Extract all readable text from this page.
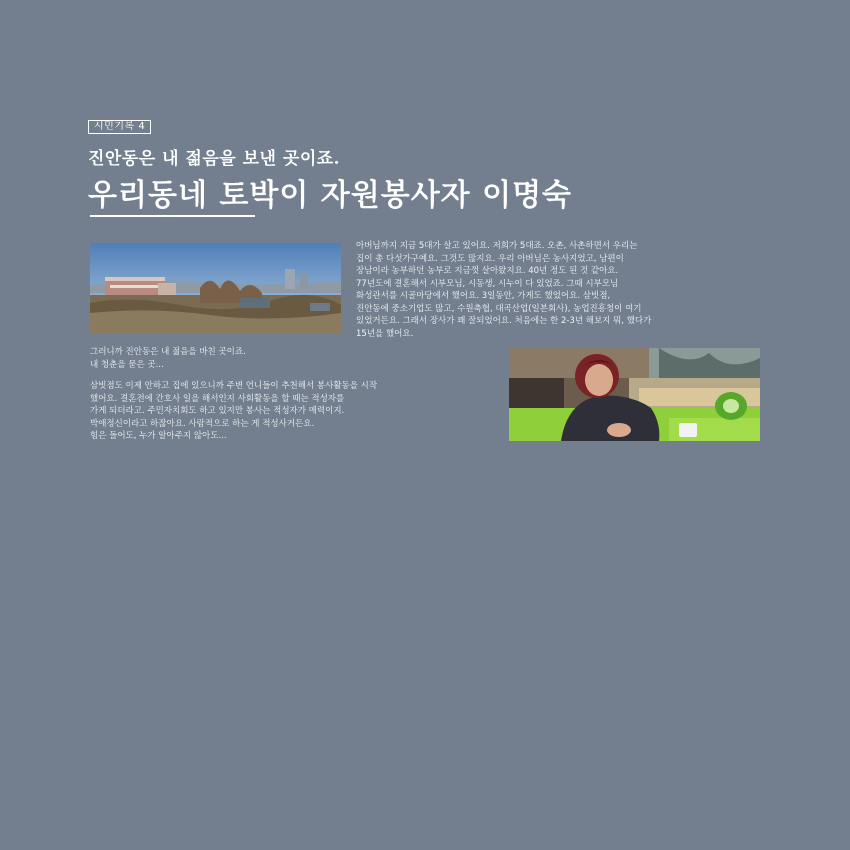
시민기록 4
진안동은 내 젊음을 보낸 곳이죠.
우리동네 토박이 자원봉사자 이명숙
아버님까지 지금 5대가 살고 있어요. 저희가 5대죠. 오촌, 사촌하면서 우리는
집이 총 다섯가구예요. 그것도 많지요. 우리 아버님은 농사지었고, 남편이
장남이라 농부하던 농부로 지금껏 살아왔지요. 40년 정도 된 것 같아요.
77년도에 결혼해서 시부모님, 시동생, 시누이 다 있었죠. 그때 시부모님
화성관서를 시골마당에서 했어요. 3일동안, 가게도 했었어요. 삼빗점,
진안동에 중소기업도 많고, 수원축협, 대곡산업(일본회사), 농업진흥청이 여기
있었거든요. 그래서 장사가 꽤 잘되었어요. 처음에는 한 2-3년 해보지 뭐, 했다가
15년을 했어요.
그러니까 진안동은 내 젊음을 바친 곳이죠.
내 청춘을 묻은 곳...
삼빗점도 이제 안하고 집에 있으니까 주변 언니들이 추천해서 봉사활동을 시작
했어요. 결혼전에 간호사 일을 해서인지 사회활동을 할 때는 적성자를
가게 되더라고. 주민자치회도 하고 있지만 봉사는 적성자가 매력이지.
박애정신이라고 하잖아요. 사람적으로 하는 게 적성사거든요.
힘은 들어도, 누가 알아주지 않아도...
